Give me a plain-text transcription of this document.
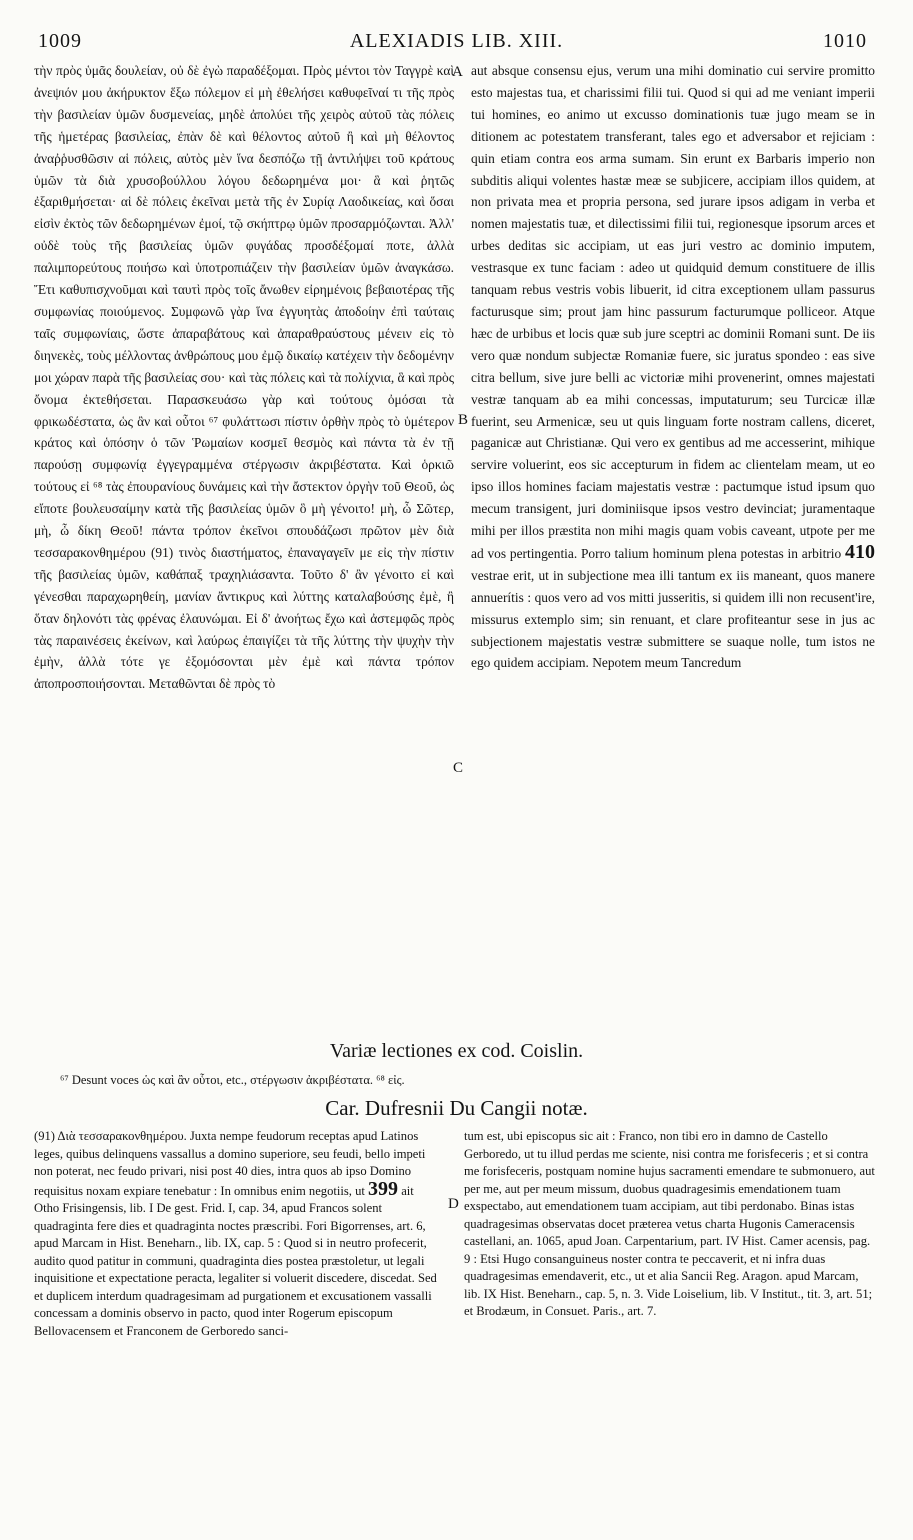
1009	ALEXIADIS LIB. XIII.	1010

τὴν πρὸς ὑμᾶς δουλείαν, οὐ δὲ ἐγὼ παραδέξομαι. Πρὸς μέντοι τὸν Ταγγρὲ καὶ ἀνεψιόν μου ἀκήρυκτον ἕξω πόλεμον εἰ μὴ ἐθελήσει καθυφεῖναί τι τῆς πρὸς τὴν βασιλείαν ὑμῶν δυσμενείας, μηδὲ ἀπολύει τῆς χειρὸς αὐτοῦ τὰς πόλεις τῆς ἡμετέρας βασιλείας, ἐπὰν δὲ καὶ θέλοντος αὐτοῦ ἢ καὶ μὴ θέλοντος ἀναῤῥυσθῶσιν αἱ πόλεις, αὐτὸς μὲν ἵνα δεσπόζω τῇ ἀντιλήψει τοῦ κράτους ὑμῶν τὰ διὰ χρυσοβούλλου λόγου δεδωρημένα μοι· ἃ καὶ ῥητῶς ἐξαριθμήσεται· αἱ δὲ πόλεις ἐκεῖναι μετὰ τῆς ἐν Συρίᾳ Λαοδικείας, καὶ ὅσαι εἰσὶν ἐκτὸς τῶν δεδωρημένων ἐμοί, τῷ σκήπτρῳ ὑμῶν προσαρμόζωνται. Ἀλλ' οὐδὲ τοὺς τῆς βασιλείας ὑμῶν φυγάδας προσδέξομαί ποτε, ἀλλὰ παλιμπορεύτους ποιήσω καὶ ὑποτροπιάζειν τὴν βασιλείαν ὑμῶν ἀναγκάσω. Ἔτι καθυπισχνοῦμαι καὶ ταυτὶ πρὸς τοῖς ἄνωθεν εἰρημένοις βεβαιοτέρας τῆς συμφωνίας ποιούμενος. Συμφωνῶ γὰρ ἵνα ἐγγυητὰς ἀποδοίην ἐπὶ ταύταις ταῖς συμφωνίαις, ὥστε ἀπαραβάτους καὶ ἀπαραθραύστους μένειν εἰς τὸ διηνεκὲς, τοὺς μέλλοντας ἀνθρώπους μου ἐμῷ δικαίῳ κατέχειν τὴν δεδομένην μοι χώραν παρὰ τῆς βασιλείας σου· καὶ τὰς πόλεις καὶ τὰ πολίχνια, ἃ καὶ πρὸς ὄνομα ἐκτεθήσεται. Παρασκευάσω γὰρ καὶ τούτους ὀμόσαι τὰ φρικωδέστατα, ὡς ἂν καὶ οὗτοι ⁶⁷ φυλάττωσι πίστιν ὀρθὴν πρὸς τὸ ὑμέτερον κράτος καὶ ὁπόσην ὁ τῶν Ῥωμαίων κοσμεῖ θεσμὸς καὶ πάντα τὰ ἐν τῇ παρούσῃ συμφωνίᾳ ἐγγεγραμμένα στέργωσιν ἀκριβέστατα. Καὶ ὁρκιῶ τούτους εἰ ⁶⁸ τὰς ἐπουρανίους δυνάμεις καὶ τὴν ἄστεκτον ὀργὴν τοῦ Θεοῦ, ὡς εἴποτε βουλευσαίμην κατὰ τῆς βασιλείας ὑμῶν ὃ μὴ γένοιτο! μὴ, ὦ Σῶτερ, μὴ, ὦ δίκη Θεοῦ! πάντα τρόπον ἐκεῖνοι σπουδάζωσι πρῶτον μὲν διὰ τεσσαρακονθημέρου (91) τινὸς διαστήματος, ἐπαναγαγεῖν με εἰς τὴν πίστιν τῆς βασιλείας ὑμῶν, καθάπαξ τραχηλιάσαντα. Τοῦτο δ' ἂν γένοιτο εἰ καὶ γένεσθαι παραχωρηθείη, μανίαν ἄντικρυς καὶ λύττης καταλαβούσης ἐμὲ, ἢ ὅταν δηλονότι τὰς φρένας ἐλαυνώμαι. Εἰ δ' ἀνοήτως ἔχω καὶ ἀστεμφῶς πρὸς τὰς παραινέσεις ἐκείνων, καὶ λαύρως ἐπαιγίζει τὰ τῆς λύττης τὴν ψυχὴν τὴν ἐμὴν, ἀλλὰ τότε γε ἐξομόσονται μὲν ἐμὲ καὶ πάντα τρόπον ἀποπροσποιήσονται. Μεταθῶνται δὲ πρὸς τὸ

A
B
C
D

aut absque consensu ejus, verum una mihi dominatio cui servire promitto esto majestas tua, et charissimi filii tui. Quod si qui ad me veniant imperii tui homines, eo animo ut excusso dominationis tuæ jugo meam se in ditionem ac potestatem transferant, tales ego et adversabor et rejiciam : quin etiam contra eos arma sumam. Sin erunt ex Barbaris imperio non subditis aliqui volentes hastæ meæ se subjicere, accipiam illos quidem, at non privata mea et propria persona, sed jurare ipsos adigam in verba et nomen majestatis tuæ, et dilectissimi filii tui, regionesque ipsorum arces et urbes deditas sic accipiam, ut eas juri vestro ac dominio imputem, vestrasque ex tunc faciam : adeo ut quidquid demum constituere de illis tanquam rebus vestris vobis libuerit, id citra exceptionem ullam passurus facturusque sim; prout jam hinc passurum facturumque polliceor. Atque hæc de urbibus et locis quæ sub jure sceptri ac dominii Romani sunt. De iis vero quæ nondum subjectæ Romaniæ fuere, sic juratus spondeo : eas sive citra bellum, sive jure belli ac victoriæ mihi provenerint, omnes majestati vestræ tanquam ab ea mihi concessas, imputaturum; seu Turcicæ illæ fuerint, seu Armenicæ, seu ut quis linguam forte nostram callens, diceret, paganicæ aut Christianæ. Qui vero ex gentibus ad me accesserint, mihique servire voluerint, eos sic accepturum in fidem ac clientelam meam, ut eo ipso illos homines faciam majestatis vestræ : pactumque istud ipsum quo mecum transigent, juri dominiisque ipsos vestro devinciat; juramentaque mihi per illos præstita non mihi magis quam vobis caveant, utpote per me ad vos pertingentia. Porro talium hominum plena potestas in arbitrio 410 vestrae erit, ut in subjectione mea illi tantum ex iis maneant, quos manere annuerítis : quos vero ad vos mitti jusseritis, si quidem illi non recusent'ire, missurus extemplo sim; sin renuant, et clare profiteantur sese in jus ac subjectionem majestatis vestræ submittere se suaque nolle, tum istos ne ego quidem accipiam. Nepotem meum Tancredum

Variæ lectiones ex cod. Coislin.
⁶⁷ Desunt voces ὡς καὶ ἂν οὗτοι, etc., στέργωσιν ἀκριβέστατα. ⁶⁸ εἰς.
Car. Dufresnii Du Cangii notæ.

(91) Διὰ τεσσαρακονθημέρου. Juxta nempe feudorum receptas apud Latinos leges, quibus delinquens vassallus a domino superiore, seu feudi, bello impeti non poterat, nec feudo privari, nisi post 40 dies, intra quos ab ipso Domino requisitus noxam expiare tenebatur : In omnibus enim negotiis, ut 399 ait Otho Frisingensis, lib. I De gest. Frid. I, cap. 34, apud Francos solent quadraginta fere dies et quadraginta noctes præscribi. Fori Bigorrenses, art. 6, apud Marcam in Hist. Beneharn., lib. IX, cap. 5 : Quod si in neutro profecerit, audito quod patitur in communi, quadraginta dies postea præstoletur, ut legali inquisitione et expectatione peracta, legaliter si voluerit discedere, discedat. Sed et duplicem interdum quadragesimam ad purgationem et excusationem vassalli concessam a dominis observo in pacto, quod inter Rogerum episcopum Bellovacensem et Franconem de Gerboredo sanci-

tum est, ubi episcopus sic ait : Franco, non tibi ero in damno de Castello Gerboredo, ut tu illud perdas me sciente, nisi contra me forisfeceris ; et si contra me forisfeceris, postquam nomine hujus sacramenti emendare te submonuero, aut per me, aut per meum missum, duobus quadragesimis emendationem tuam exspectabo, aut emendationem tuam accipiam, aut tibi perdonabo. Binas istas quadragesimas observatas docet præterea vetus charta Hugonis Cameracensis castellani, an. 1065, apud Joan. Carpentarium, part. IV Hist. Camer acensis, pag. 9 : Etsi Hugo consanguineus noster contra te peccaverit, et ni infra duas quadragesimas emendaverit, etc., ut et alia Sancii Reg. Aragon. apud Marcam, lib. IX Hist. Beneharn., cap. 5, n. 3. Vide Loiselium, lib. V Institut., tit. 3, art. 51; et Brodæum, in Consuet. Paris., art. 7.
